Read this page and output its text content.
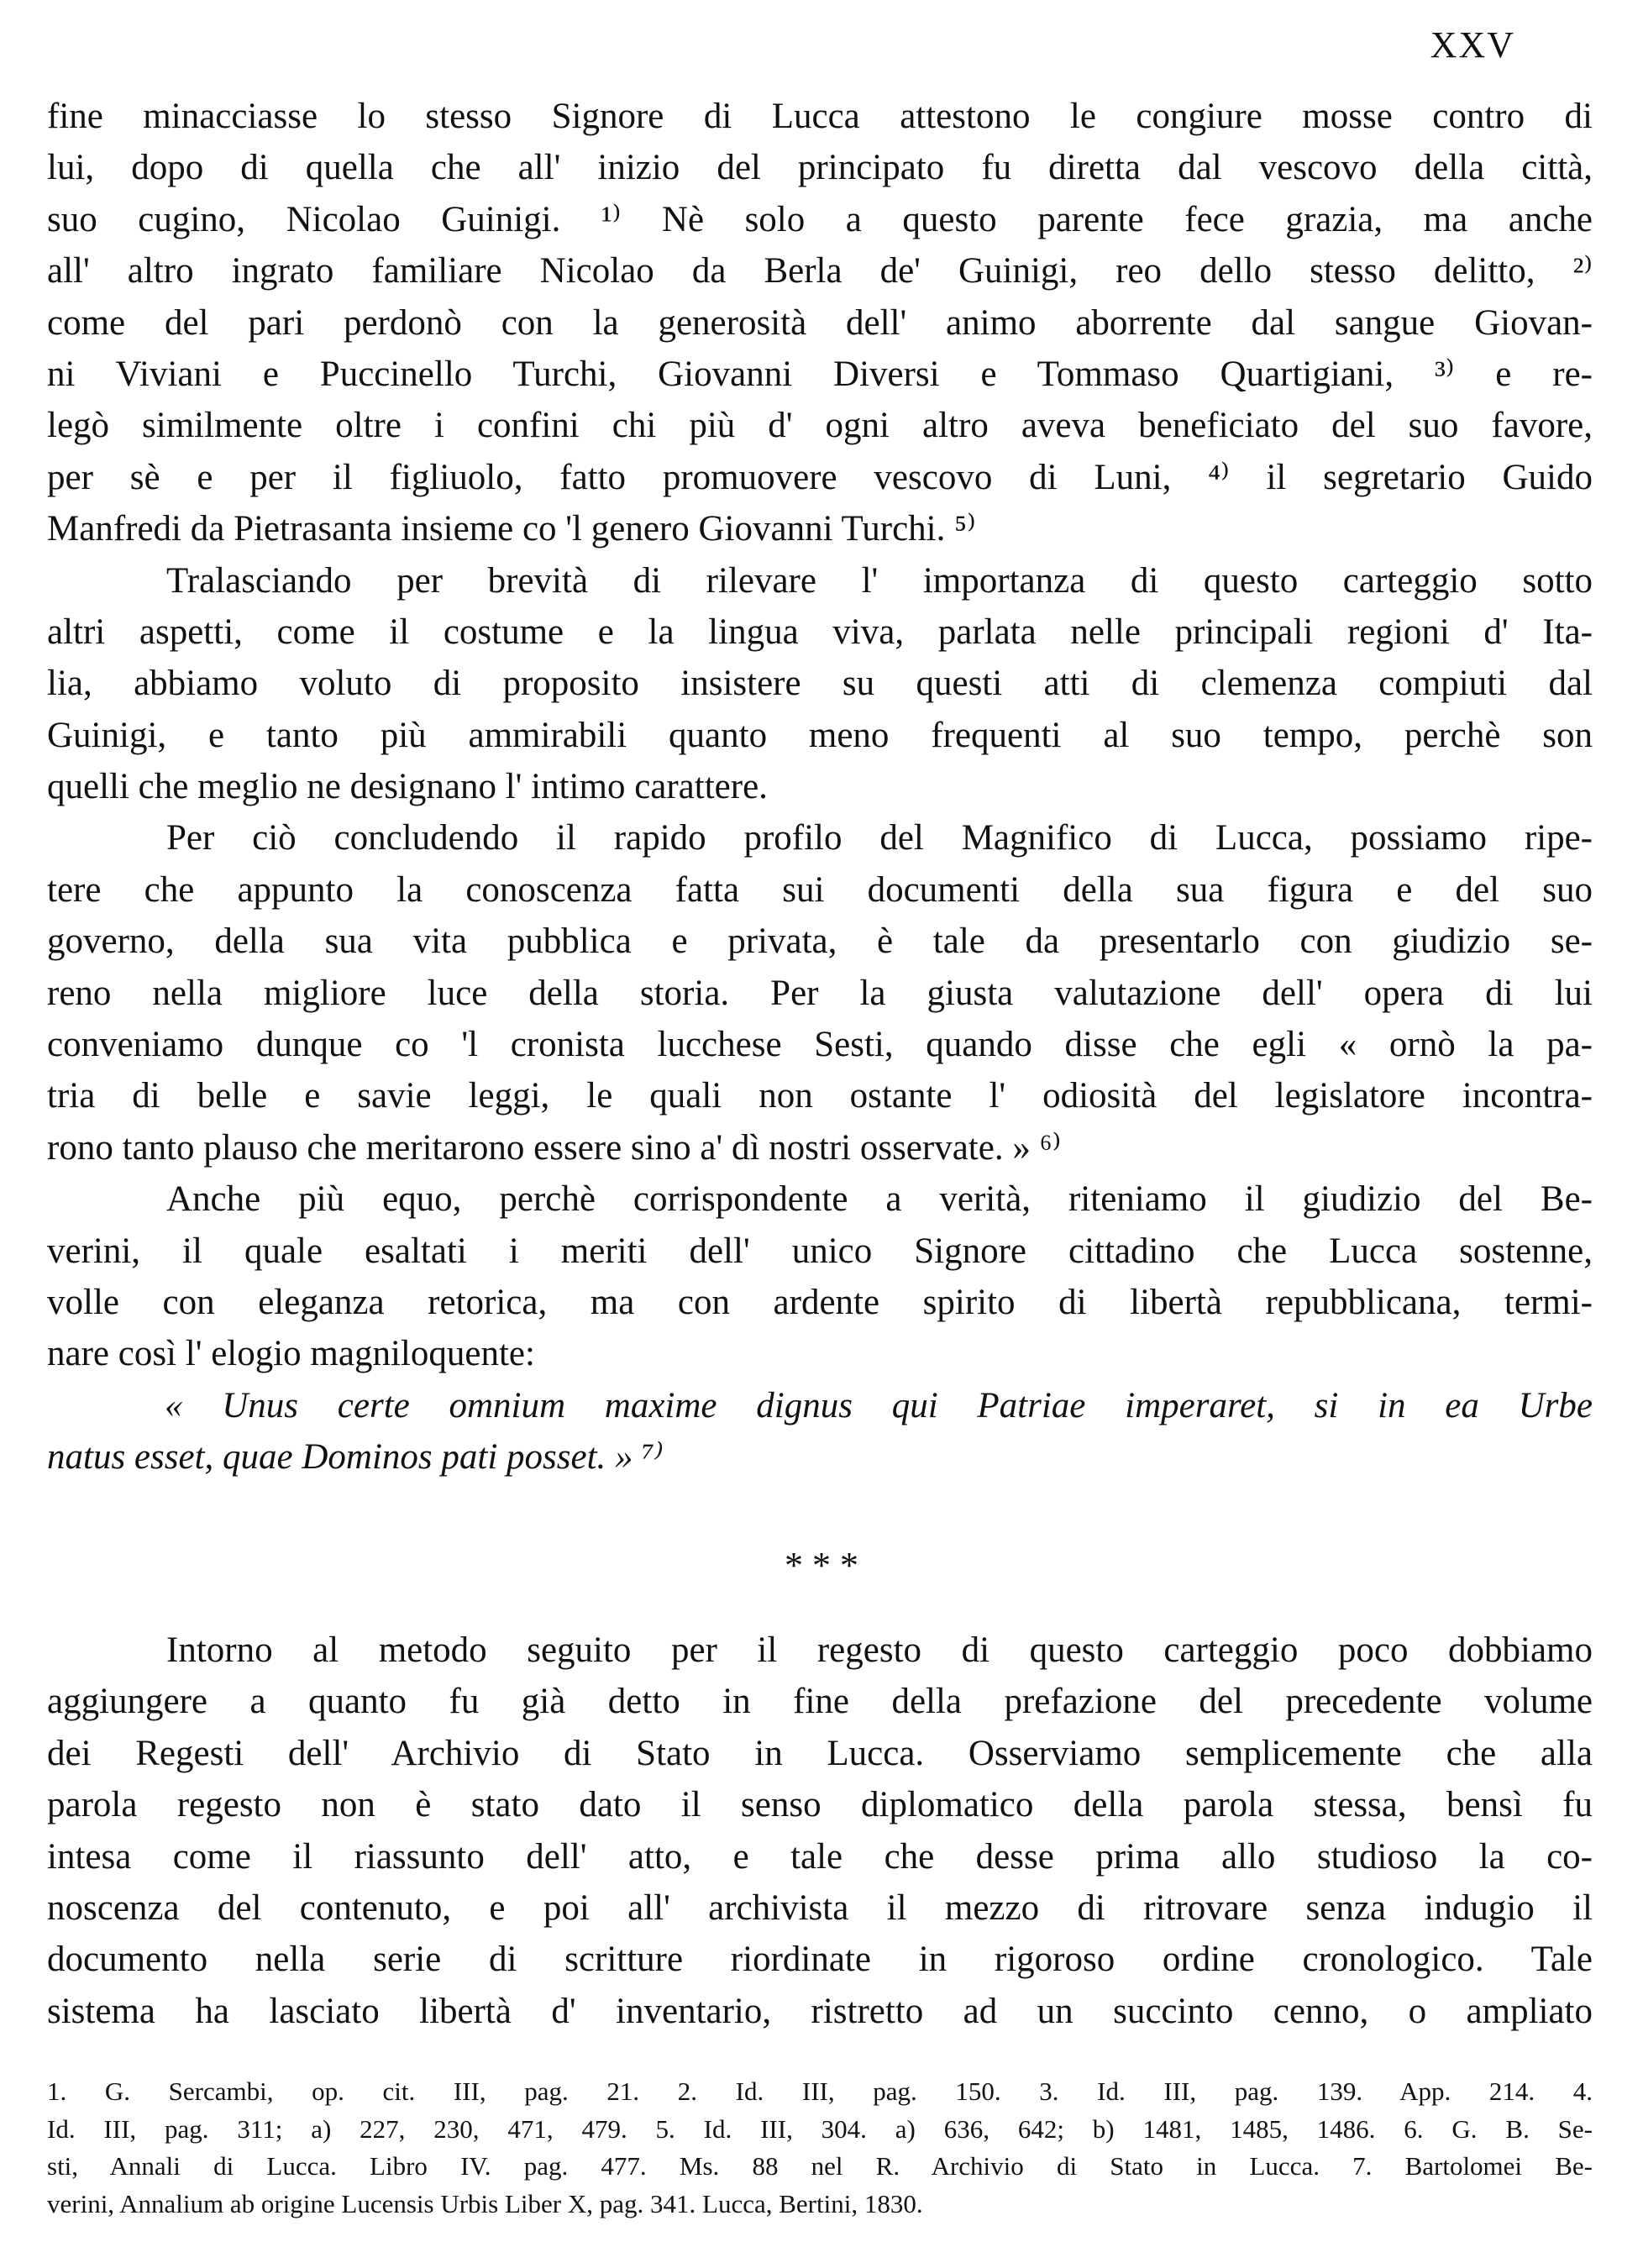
XXV
fine minacciasse lo stesso Signore di Lucca attestono le congiure mosse contro di
lui, dopo di quella che all' inizio del principato fu diretta dal vescovo della città,
suo cugino, Nicolao Guinigi. ¹⁾ Nè solo a questo parente fece grazia, ma anche
all' altro ingrato familiare Nicolao da Berla de' Guinigi, reo dello stesso delitto, ²⁾
come del pari perdonò con la generosità dell' animo aborrente dal sangue Giovan-
ni Viviani e Puccinello Turchi, Giovanni Diversi e Tommaso Quartigiani, ³⁾ e re-
legò similmente oltre i confini chi più d' ogni altro aveva beneficiato del suo favore,
per sè e per il figliuolo, fatto promuovere vescovo di Luni, ⁴⁾ il segretario Guido
Manfredi da Pietrasanta insieme co 'l genero Giovanni Turchi. ⁵⁾
Tralasciando per brevità di rilevare l' importanza di questo carteggio sotto
altri aspetti, come il costume e la lingua viva, parlata nelle principali regioni d' Ita-
lia, abbiamo voluto di proposito insistere su questi atti di clemenza compiuti dal
Guinigi, e tanto più ammirabili quanto meno frequenti al suo tempo, perchè son
quelli che meglio ne designano l' intimo carattere.
Per ciò concludendo il rapido profilo del Magnifico di Lucca, possiamo ripe-
tere che appunto la conoscenza fatta sui documenti della sua figura e del suo
governo, della sua vita pubblica e privata, è tale da presentarlo con giudizio se-
reno nella migliore luce della storia. Per la giusta valutazione dell' opera di lui
conveniamo dunque co 'l cronista lucchese Sesti, quando disse che egli « ornò la pa-
tria di belle e savie leggi, le quali non ostante l' odiosità del legislatore incontra-
rono tanto plauso che meritarono essere sino a' dì nostri osservate. » ⁶⁾
Anche più equo, perchè corrispondente a verità, riteniamo il giudizio del Be-
verini, il quale esaltati i meriti dell' unico Signore cittadino che Lucca sostenne,
volle con eleganza retorica, ma con ardente spirito di libertà repubblicana, termi-
nare così l' elogio magniloquente:
« Unus certe omnium maxime dignus qui Patriae imperaret, si in ea Urbe
natus esset, quae Dominos pati posset. » ⁷⁾
* * *
Intorno al metodo seguito per il regesto di questo carteggio poco dobbiamo
aggiungere a quanto fu già detto in fine della prefazione del precedente volume
dei Regesti dell' Archivio di Stato in Lucca. Osserviamo semplicemente che alla
parola regesto non è stato dato il senso diplomatico della parola stessa, bensì fu
intesa come il riassunto dell' atto, e tale che desse prima allo studioso la co-
noscenza del contenuto, e poi all' archivista il mezzo di ritrovare senza indugio il
documento nella serie di scritture riordinate in rigoroso ordine cronologico. Tale
sistema ha lasciato libertà d' inventario, ristretto ad un succinto cenno, o ampliato
1. G. Sercambi, op. cit. III, pag. 21. 2. Id. III, pag. 150. 3. Id. III, pag. 139. App. 214. 4.
Id. III, pag. 311; a) 227, 230, 471, 479. 5. Id. III, 304. a) 636, 642; b) 1481, 1485, 1486. 6. G. B. Se-
sti, Annali di Lucca. Libro IV. pag. 477. Ms. 88 nel R. Archivio di Stato in Lucca. 7. Bartolomei Be-
verini, Annalium ab origine Lucensis Urbis Liber X, pag. 341. Lucca, Bertini, 1830.
